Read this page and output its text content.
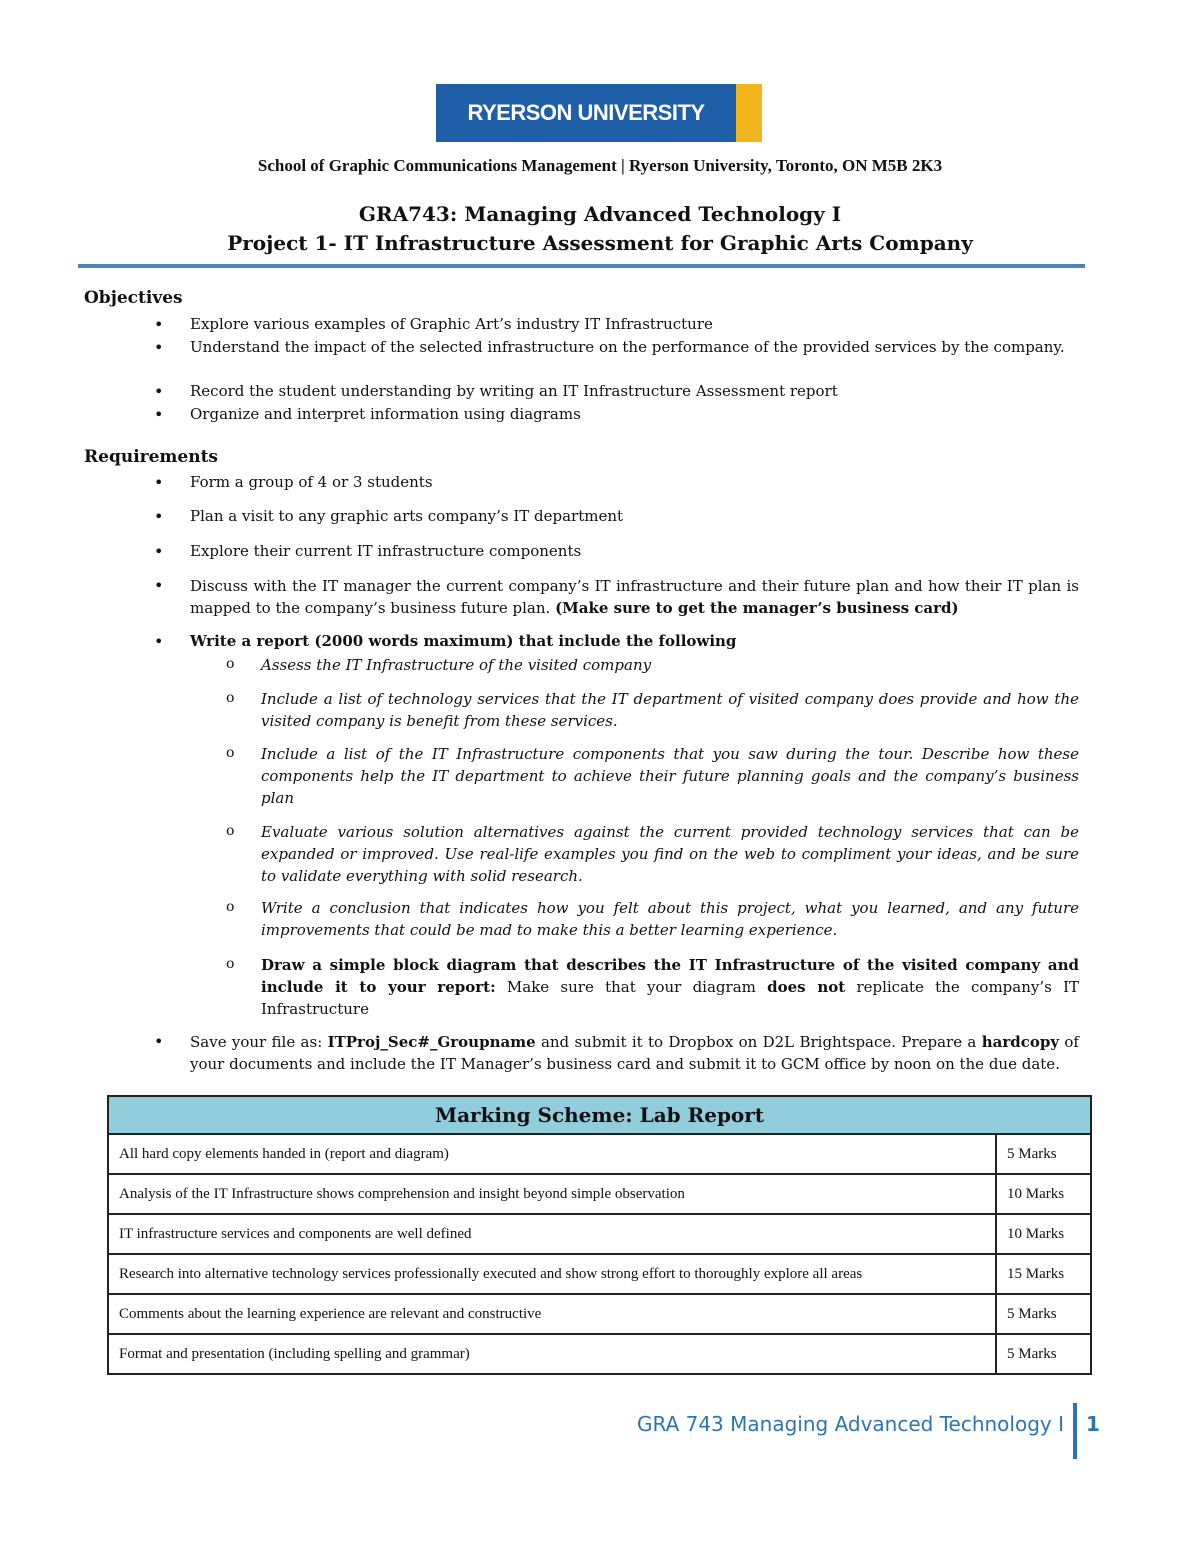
RYERSON UNIVERSITY
School of Graphic Communications Management | Ryerson University, Toronto, ON M5B 2K3
GRA743: Managing Advanced Technology I
Project 1- IT Infrastructure Assessment for Graphic Arts Company
Objectives
• Explore various examples of Graphic Art’s industry IT Infrastructure
• Understand the impact of the selected infrastructure on the performance of the provided services by the company.
• Record the student understanding by writing an IT Infrastructure Assessment report
• Organize and interpret information using diagrams
Requirements
• Form a group of 4 or 3 students
• Plan a visit to any graphic arts company’s IT department
• Explore their current IT infrastructure components
• Discuss with the IT manager the current company’s IT infrastructure and their future plan and how their IT plan is mapped to the company’s business future plan. (Make sure to get the manager’s business card)
• Write a report (2000 words maximum) that include the following
o Assess the IT Infrastructure of the visited company
o Include a list of technology services that the IT department of visited company does provide and how the visited company is benefit from these services.
o Include a list of the IT Infrastructure components that you saw during the tour. Describe how these components help the IT department to achieve their future planning goals and the company’s business plan
o Evaluate various solution alternatives against the current provided technology services that can be expanded or improved. Use real-life examples you find on the web to compliment your ideas, and be sure to validate everything with solid research.
o Write a conclusion that indicates how you felt about this project, what you learned, and any future improvements that could be mad to make this a better learning experience.
o Draw a simple block diagram that describes the IT Infrastructure of the visited company and include it to your report: Make sure that your diagram does not replicate the company’s IT Infrastructure
• Save your file as: ITProj_Sec#_Groupname and submit it to Dropbox on D2L Brightspace. Prepare a hardcopy of your documents and include the IT Manager’s business card and submit it to GCM office by noon on the due date.
Marking Scheme: Lab Report	
All hard copy elements handed in (report and diagram)	5 Marks
Analysis of the IT Infrastructure shows comprehension and insight beyond simple observation	10 Marks
IT infrastructure services and components are well defined	10 Marks
Research into alternative technology services professionally executed and show strong effort to thoroughly explore all areas	15 Marks
Comments about the learning experience are relevant and constructive	5 Marks
Format and presentation (including spelling and grammar)	5 Marks
GRA 743 Managing Advanced Technology I 1
